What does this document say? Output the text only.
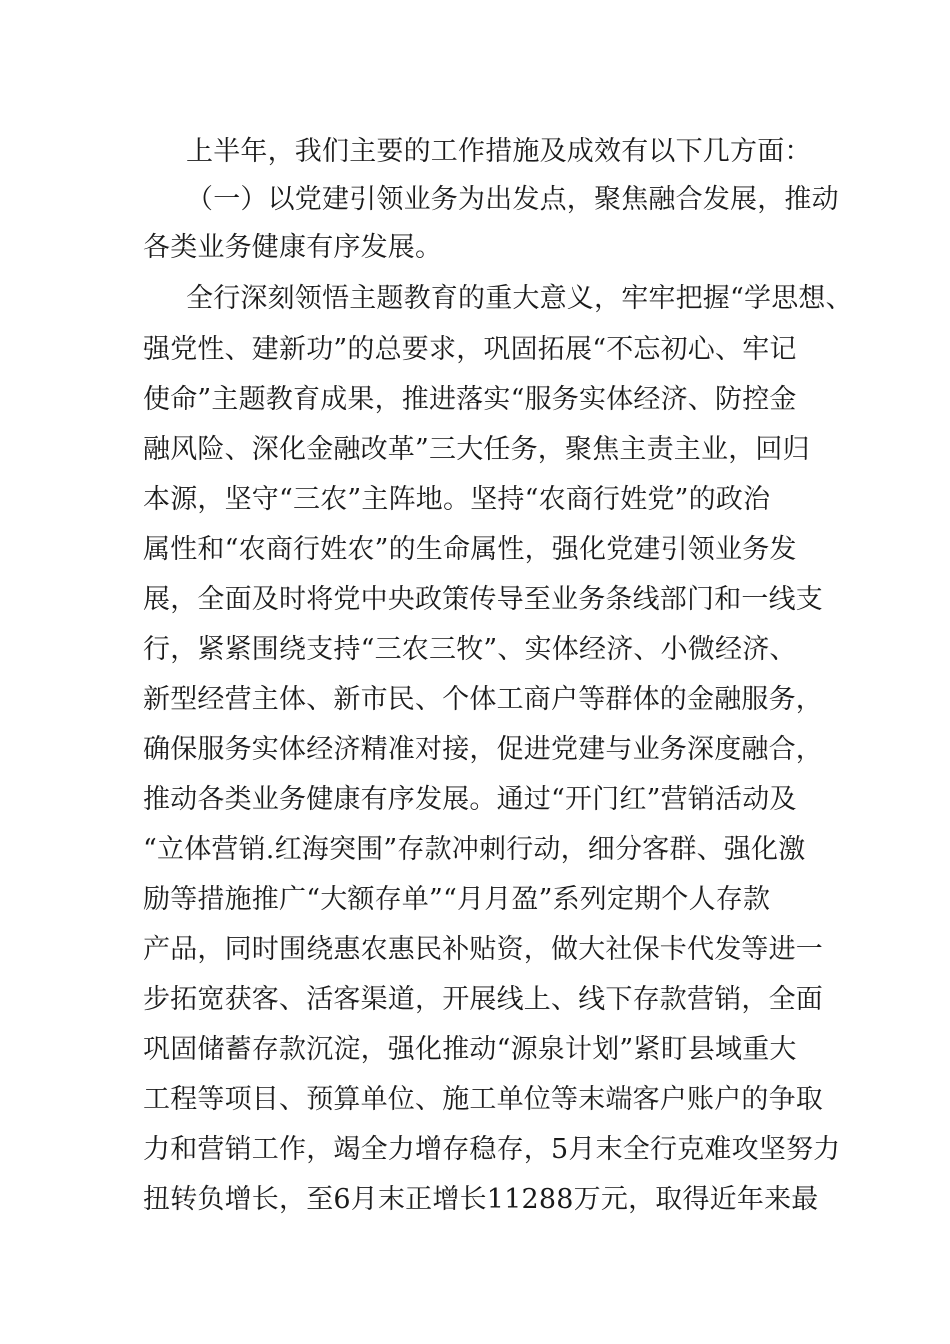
上半年，我们主要的工作措施及成效有以下几方面：
（一）以党建引领业务为出发点，聚焦融合发展，推动
各类业务健康有序发展。
全行深刻领悟主题教育的重大意义，牢牢把握“学思想、
强党性、建新功”的总要求，巩固拓展“不忘初心、牢记
使命”主题教育成果，推进落实“服务实体经济、防控金
融风险、深化金融改革”三大任务，聚焦主责主业，回归
本源，坚守“三农”主阵地。坚持“农商行姓党”的政治
属性和“农商行姓农”的生命属性，强化党建引领业务发
展，全面及时将党中央政策传导至业务条线部门和一线支
行，紧紧围绕支持“三农三牧”、实体经济、小微经济、
新型经营主体、新市民、个体工商户等群体的金融服务，
确保服务实体经济精准对接，促进党建与业务深度融合，
推动各类业务健康有序发展。通过“开门红”营销活动及
“立体营销.红海突围”存款冲刺行动，细分客群、强化激
励等措施推广“大额存单”“月月盈”系列定期个人存款
产品，同时围绕惠农惠民补贴资，做大社保卡代发等进一
步拓宽获客、活客渠道，开展线上、线下存款营销，全面
巩固储蓄存款沉淀，强化推动“源泉计划”紧盯县域重大
工程等项目、预算单位、施工单位等末端客户账户的争取
力和营销工作，竭全力增存稳存，5月末全行克难攻坚努力
扭转负增长，至6月末正增长11288万元，取得近年来最
